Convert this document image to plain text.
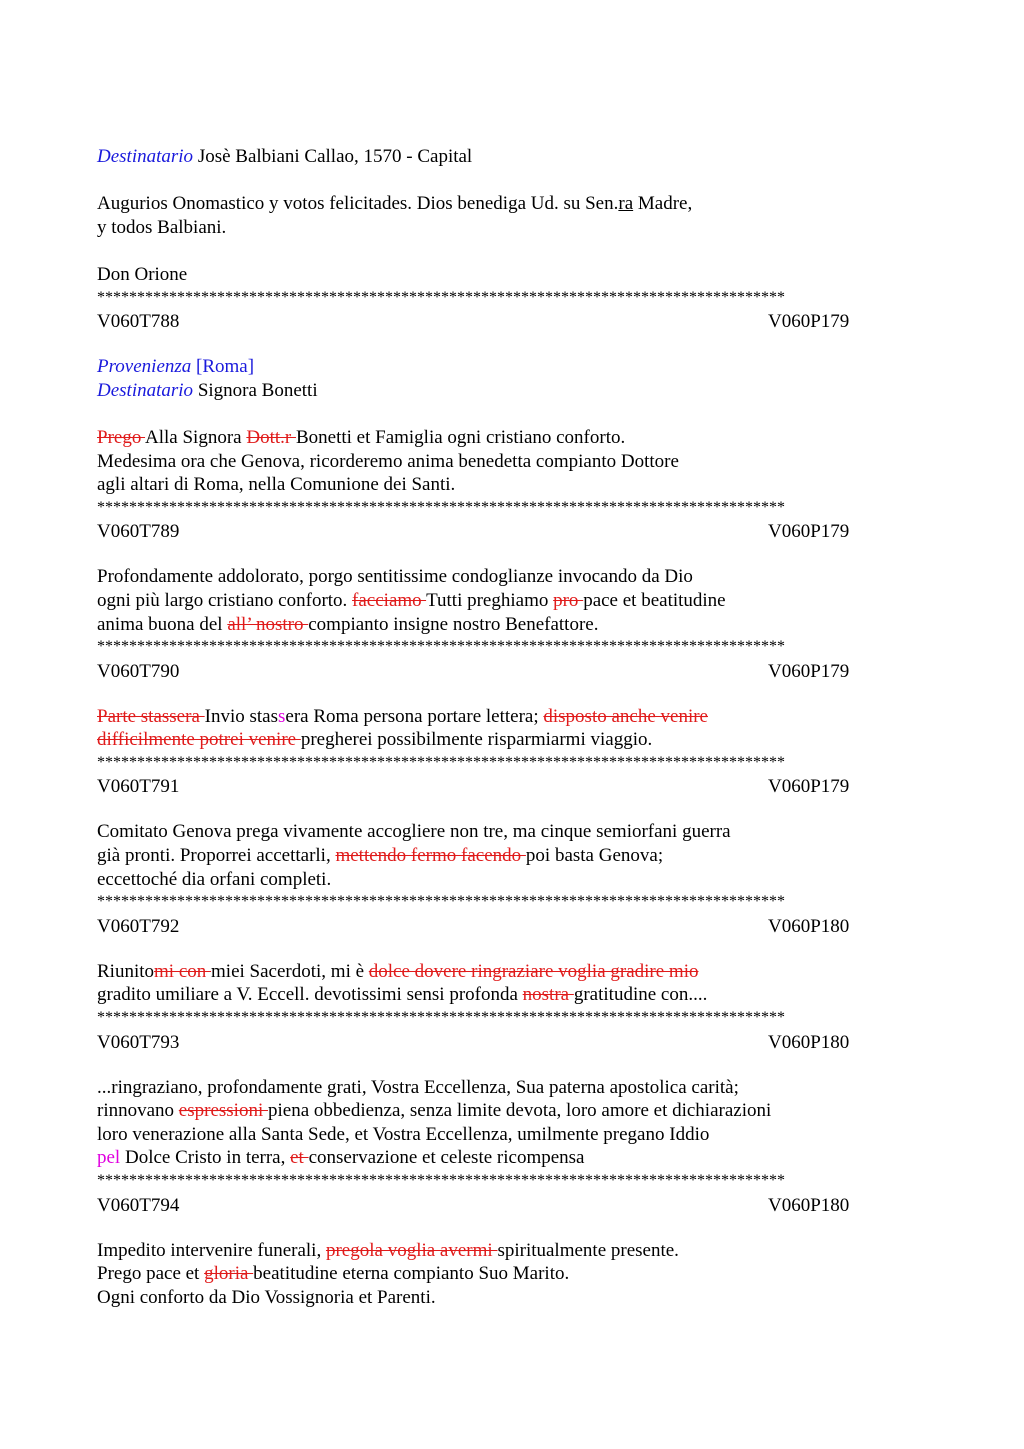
Destinatario Josè Balbiani Callao, 1570 - Capital
Augurios Onomastico y votos felicitades. Dios benediga Ud. su Sen.ra Madre,
y todos Balbiani.
Don Orione
**************************************************************************************
V060T788	V060P179
Provenienza [Roma]
Destinatario Signora Bonetti
Prego Alla Signora Dott.r Bonetti et Famiglia ogni cristiano conforto.
Medesima ora che Genova, ricorderemo anima benedetta compianto Dottore
agli altari di Roma, nella Comunione dei Santi.
**************************************************************************************
V060T789	V060P179
Profondamente addolorato, porgo sentitissime condoglianze invocando da Dio
ogni più largo cristiano conforto. facciamo Tutti preghiamo pro pace et beatitudine
anima buona del all’ nostro compianto insigne nostro Benefattore.
**************************************************************************************
V060T790	V060P179
Parte stassera Invio stassera Roma persona portare lettera; disposto anche venire
difficilmente potrei venire pregherei possibilmente risparmiarmi viaggio.
**************************************************************************************
V060T791	V060P179
Comitato Genova prega vivamente accogliere non tre, ma cinque semiorfani guerra
già pronti. Proporrei accettarli, mettendo fermo facendo poi basta Genova;
eccettoché dia orfani completi.
**************************************************************************************
V060T792	V060P180
Riunitomi con miei Sacerdoti, mi è dolce dovere ringraziare voglia gradire mio
gradito umiliare a V. Eccell. devotissimi sensi profonda nostra gratitudine con....
**************************************************************************************
V060T793	V060P180
...ringraziano, profondamente grati, Vostra Eccellenza, Sua paterna apostolica carità;
rinnovano espressioni piena obbedienza, senza limite devota, loro amore et dichiarazioni
loro venerazione alla Santa Sede, et Vostra Eccellenza, umilmente pregano Iddio
pel Dolce Cristo in terra, et conservazione et celeste ricompensa
**************************************************************************************
V060T794	V060P180
Impedito intervenire funerali, pregola voglia avermi spiritualmente presente.
Prego pace et gloria beatitudine eterna compianto Suo Marito.
Ogni conforto da Dio Vossignoria et Parenti.
